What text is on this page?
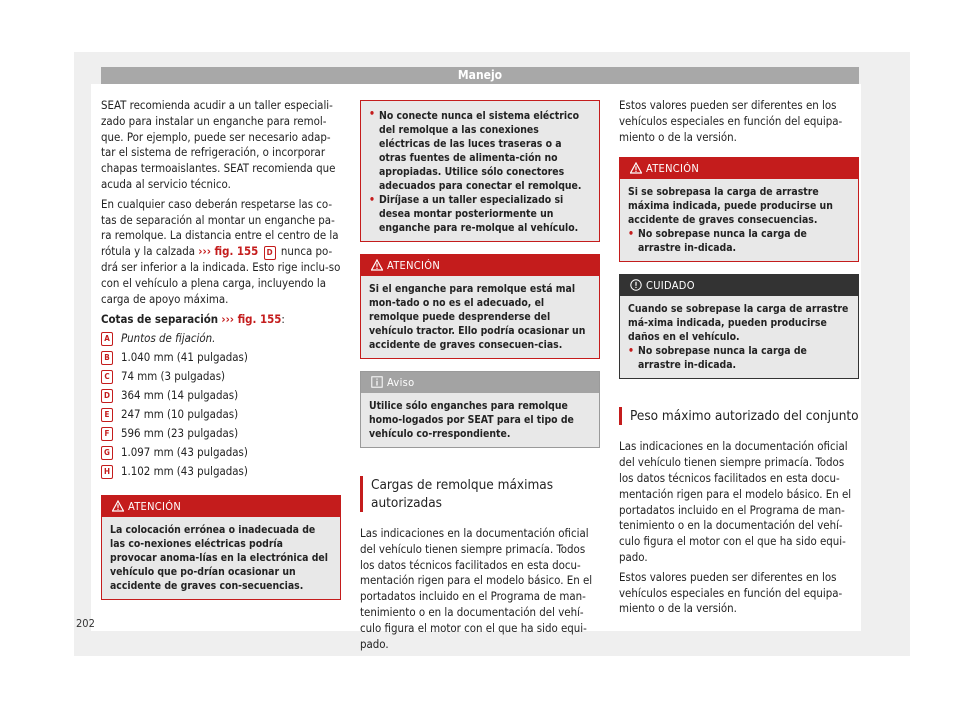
Manejo

SEAT recomienda acudir a un taller especiali-zado para instalar un enganche para remol-que. Por ejemplo, puede ser necesario adap-tar el sistema de refrigeración, o incorporar chapas termoaislantes. SEAT recomienda que acuda al servicio técnico.

En cualquier caso deberán respetarse las co-tas de separación al montar un enganche pa-ra remolque. La distancia entre el centro de la rótula y la calzada ››› fig. 155 D nunca po-drá ser inferior a la indicada. Esto rige inclu-so con el vehículo a plena carga, incluyendo la carga de apoyo máxima.

Cotas de separación ››› fig. 155:

A Puntos de fijación.
B 1.040 mm (41 pulgadas)
C 74 mm (3 pulgadas)
D 364 mm (14 pulgadas)
E	247 mm (10 pulgadas)
F	596 mm (23 pulgadas)
G 1.097 mm (43 pulgadas)
H 1.102 mm (43 pulgadas)
ATENCIÓN
La colocación errónea o inadecuada de las co-nexiones eléctricas podría provocar anoma-lías en la electrónica del vehículo que po-drían ocasionar un accidente de graves con-secuencias.
• No conecte nunca el sistema eléctrico del remolque a las conexiones eléctricas de las luces traseras o a otras fuentes de alimenta-ción no apropiadas. Utilice sólo conectores adecuados para conectar el remolque.
• Diríjase a un taller especializado si desea montar posteriormente un enganche para re-molque al vehículo.
ATENCIÓN
Si el enganche para remolque está mal mon-tado o no es el adecuado, el remolque puede desprenderse del vehículo tractor. Ello podría ocasionar un accidente de graves consecuen-cias.
Aviso
Utilice sólo enganches para remolque homo-logados por SEAT para el tipo de vehículo co-rrespondiente.
Cargas de remolque máximas autorizadas

Las indicaciones en la documentación oficial del vehículo tienen siempre primacía. Todos los datos técnicos facilitados en esta docu-mentación rigen para el modelo básico. En el portadatos incluido en el Programa de man-tenimiento o en la documentación del vehí-culo figura el motor con el que ha sido equi-pado.

Estos valores pueden ser diferentes en los vehículos especiales en función del equipa-miento o de la versión.

ATENCIÓN
Si se sobrepasa la carga de arrastre máxima indicada, puede producirse un accidente de graves consecuencias.
• No sobrepase nunca la carga de arrastre in-dicada.
CUIDADO
Cuando se sobrepase la carga de arrastre má-xima indicada, pueden producirse daños en el vehículo.
• No sobrepase nunca la carga de arrastre in-dicada.
Peso máximo autorizado del conjunto

Las indicaciones en la documentación oficial del vehículo tienen siempre primacía. Todos los datos técnicos facilitados en esta docu-mentación rigen para el modelo básico. En el portadatos incluido en el Programa de man-tenimiento o en la documentación del vehí-culo figura el motor con el que ha sido equi-pado.

Estos valores pueden ser diferentes en los vehículos especiales en función del equipa-miento o de la versión.

202
